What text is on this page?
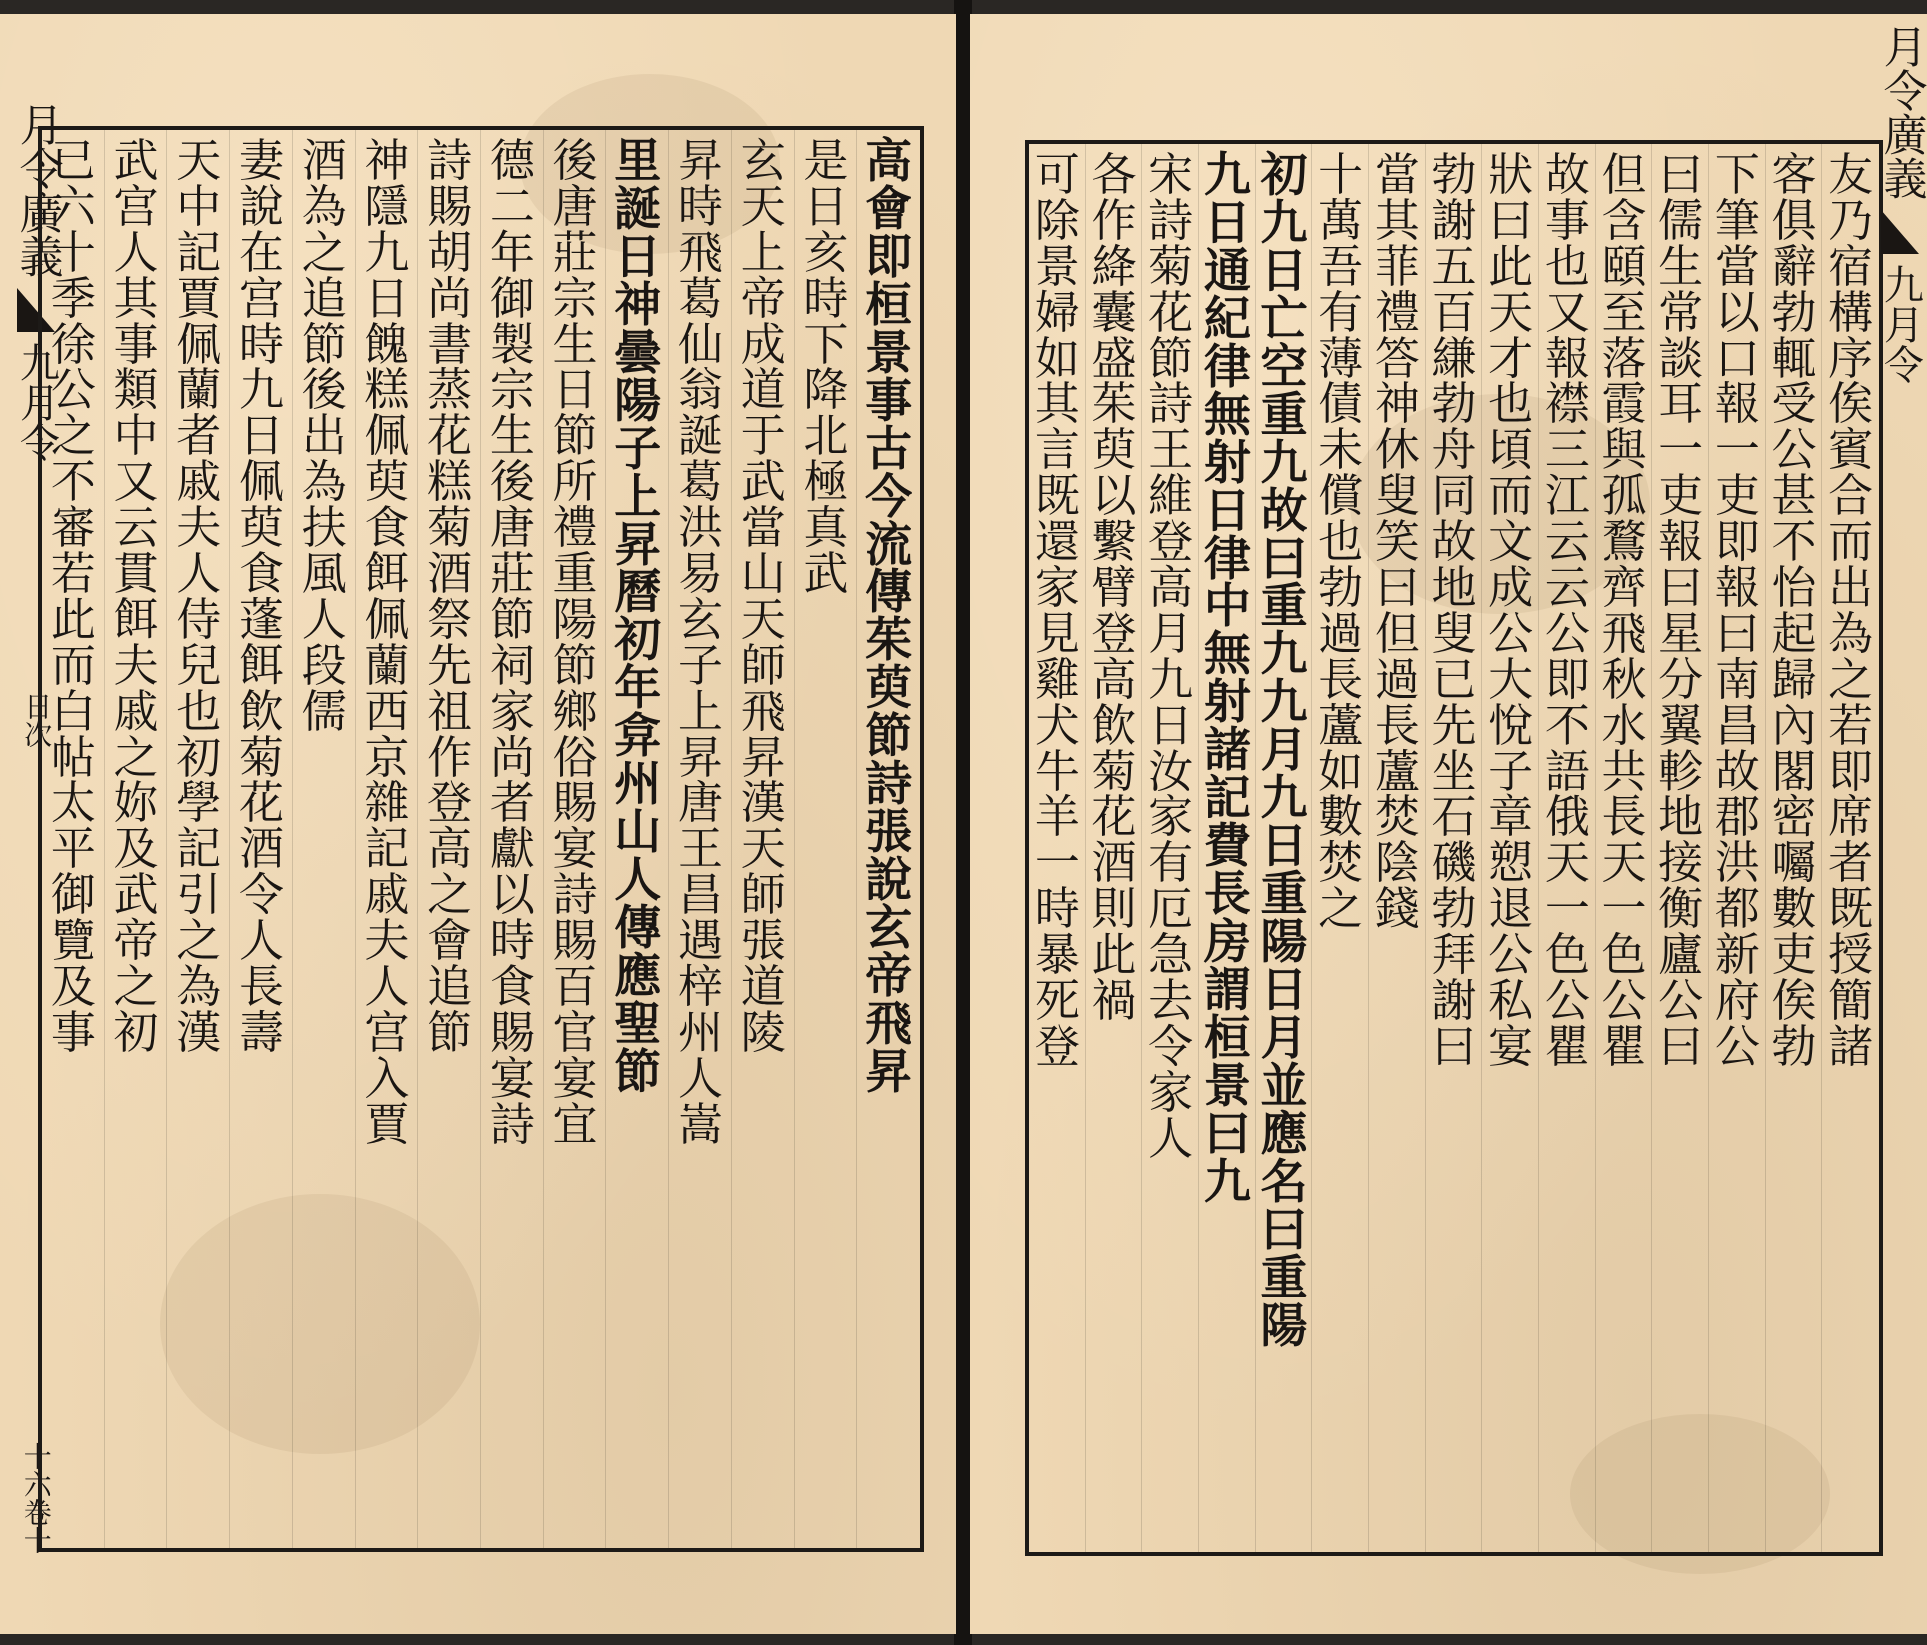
月令廣義
九月令
日次
十六卷十
已
六
十
季
徐
公
之
不
審
若
此
而
白
帖
太
平
御
覽
及
事
武
宫
人
其
事
類
中
又
云
貫
餌
夫
戚
之
妳
及
武
帝
之
初
天
中
記
賈
佩
蘭
者
戚
夫
人
侍
兒
也
初
學
記
引
之
為
漢
妻
說
在
宫
時
九
日
佩
萸
食
蓬
餌
飲
菊
花
酒
令
人
長
壽
酒
為
之
追
節
後
出
為
扶
風
人
段
儒
神
隱
九
日
餽
糕
佩
萸
食
餌
佩
蘭
西
京
雜
記
戚
夫
人
宫
入
賈
詩
賜
胡
尚
書
蒸
花
糕
菊
酒
祭
先
祖
作
登
高
之
會
追
節
德
二
年
御
製
宗
生
後
唐
莊
節
祠
家
尚
者
獻
以
時
食
賜
宴
詩
後
唐
莊
宗
生
日
節
所
禮
重
陽
節
鄉
俗
賜
宴
詩
賜
百
官
宴
宜
里
誕
日
神
曇
陽
子
上
昇
曆
初
年
弇
州
山
人
傳
應
聖
節
昇
時
飛
葛
仙
翁
誕
葛
洪
易
玄
子
上
昇
唐
王
昌
遇
梓
州
人
嵩
玄
天
上
帝
成
道
于
武
當
山
天
師
飛
昇
漢
天
師
張
道
陵
是
日
亥
時
下
降
北
極
真
武
高
會
即
桓
景
事
古
今
流
傳
茱
萸
節
詩
張
說
玄
帝
飛
昇
可
除
景
婦
如
其
言
既
還
家
見
雞
犬
牛
羊
一
時
暴
死
登
各
作
絳
囊
盛
茱
萸
以
繫
臂
登
高
飲
菊
花
酒
則
此
禍
宋
詩
菊
花
節
詩
王
維
登
高
月
九
日
汝
家
有
厄
急
去
令
家
人
九
日
通
紀
律
無
射
日
律
中
無
射
諸
記
費
長
房
謂
桓
景
曰
九
初
九
日
亡
空
重
九
故
曰
重
九
九
月
九
日
重
陽
日
月
並
應
名
曰
重
陽
十
萬
吾
有
薄
債
未
償
也
勃
過
長
蘆
如
數
焚
之
當
其
菲
禮
答
神
休
叟
笑
曰
但
過
長
蘆
焚
陰
錢
勃
謝
五
百
縑
勃
舟
同
故
地
叟
已
先
坐
石
磯
勃
拜
謝
曰
狀
曰
此
天
才
也
頃
而
文
成
公
大
悅
子
章
愬
退
公
私
宴
故
事
也
又
報
襟
三
江
云
云
公
即
不
語
俄
天
一
色
公
瞿
但
含
頤
至
落
霞
與
孤
鶩
齊
飛
秋
水
共
長
天
一
色
公
瞿
曰
儒
生
常
談
耳
一
吏
報
曰
星
分
翼
軫
地
接
衡
廬
公
曰
下
筆
當
以
口
報
一
吏
即
報
曰
南
昌
故
郡
洪
都
新
府
公
客
俱
辭
勃
輒
受
公
甚
不
怡
起
歸
內
閣
密
囑
數
吏
俟
勃
友
乃
宿
構
序
俟
賓
合
而
出
為
之
若
即
席
者
既
授
簡
諸
月令廣義
九月令
